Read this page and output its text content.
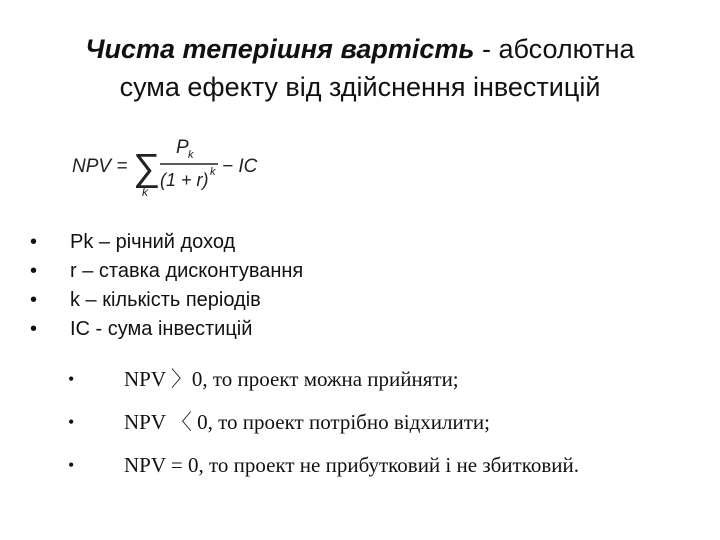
Чиста теперішня вартість - абсолютна
сума ефекту від здійснення інвестицій
NPV = ∑
k
P k
(1 + r) k − IC
• Pk – річний доход
• r – ставка дисконтування
• k – кількість періодів
• IC - сума інвестицій
• NPV 〉0, то проект можна прийняти;
• NPV 〈 0, то проект потрібно відхилити;
• NPV = 0, то проект не прибутковий і не збитковий.
